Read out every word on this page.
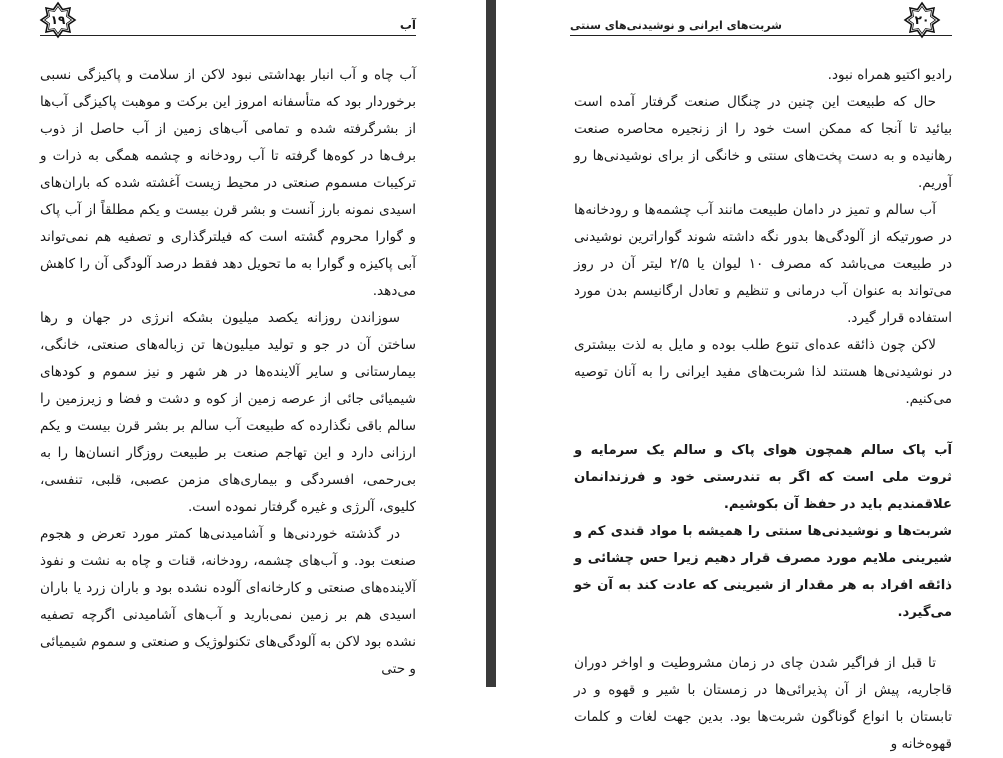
آب
۱۹

آب چاه و آب انبار بهداشتی نبود لاکن از سلامت و پاکیزگی نسبی برخوردار بود که متأسفانه امروز این برکت و موهبت پاکیزگی آب‌ها از بشرگرفته شده و تمامی آب‌های زمین از آب حاصل از ذوب برف‌ها در کوه‌ها گرفته تا آب رودخانه و چشمه همگی به ذرات و ترکیبات مسموم صنعتی در محیط زیست آغشته شده که باران‌های اسیدی نمونه بارز آنست و بشر قرن بیست و یکم مطلقاً از آب پاک و گوارا محروم گشته است که فیلترگذاری و تصفیه هم نمی‌تواند آبی پاکیزه و گوارا به ما تحویل دهد فقط درصد آلودگی آن را کاهش می‌دهد.

سوزاندن روزانه یکصد میلیون بشکه انرژی در جهان و رها ساختن آن در جو و تولید میلیون‌ها تن زباله‌های صنعتی، خانگی، بیمارستانی و سایر آلاینده‌ها در هر شهر و نیز سموم و کودهای شیمیائی جائی از عرصه زمین از کوه و دشت و فضا و زیرزمین را سالم باقی نگذارده که طبیعت آب سالم بر بشر قرن بیست و یکم ارزانی دارد و این تهاجم صنعت بر طبیعت روزگار انسان‌ها را به بی‌رحمی، افسردگی و بیماری‌های مزمن عصبی، قلبی، تنفسی، کلیوی، آلرژی و غیره گرفتار نموده است.

در گذشته خوردنی‌ها و آشامیدنی‌ها کمتر مورد تعرض و هجوم صنعت بود. و آب‌های چشمه، رودخانه، قنات و چاه به نشت و نفوذ آلاینده‌های صنعتی و کارخانه‌ای آلوده نشده بود و باران زرد یا باران اسیدی هم بر زمین نمی‌بارید و آب‌های آشامیدنی اگرچه تصفیه نشده بود لاکن به آلودگی‌های تکنولوژیک و صنعتی و سموم شیمیائی و حتی

شربت‌های ایرانی و نوشیدنی‌های سنتی	۲۰

رادیو اکتیو همراه نبود.

حال که طبیعت این چنین در چنگال صنعت گرفتار آمده است بیائید تا آنجا که ممکن است خود را از زنجیره محاصره صنعت رهانیده و به دست پخت‌های سنتی و خانگی از برای نوشیدنی‌ها رو آوریم.

آب سالم و تمیز در دامان طبیعت مانند آب چشمه‌ها و رودخانه‌ها در صورتیکه از آلودگی‌ها بدور نگه داشته شوند گواراترین نوشیدنی در طبیعت می‌باشد که مصرف ۱۰ لیوان یا ۲/۵ لیتر آن در روز می‌تواند به عنوان آب درمانی و تنظیم و تعادل ارگانیسم بدن مورد استفاده قرار گیرد.

لاکن چون ذائقه عده‌ای تنوع طلب بوده و مایل به لذت بیشتری در نوشیدنی‌ها هستند لذا شربت‌های مفید ایرانی را به آنان توصیه می‌کنیم.

آب پاک سالم همچون هوای پاک و سالم یک سرمایه و ثروت ملی است که اگر به تندرستی خود و فرزندانمان علاقمندیم باید در حفظ آن بکوشیم.

شربت‌ها و نوشیدنی‌ها سنتی را همیشه با مواد قندی کم و شیرینی ملایم مورد مصرف قرار دهیم زیرا حس چشائی و ذائقه افراد به هر مقدار از شیرینی که عادت کند به آن خو می‌گیرد.

تا قبل از فراگیر شدن چای در زمان مشروطیت و اواخر دوران قاجاریه، پیش از آن پذیرائی‌ها در زمستان با شیر و قهوه و در تابستان با انواع گوناگون شربت‌ها بود. بدین جهت لغات و کلمات قهوه‌خانه و
